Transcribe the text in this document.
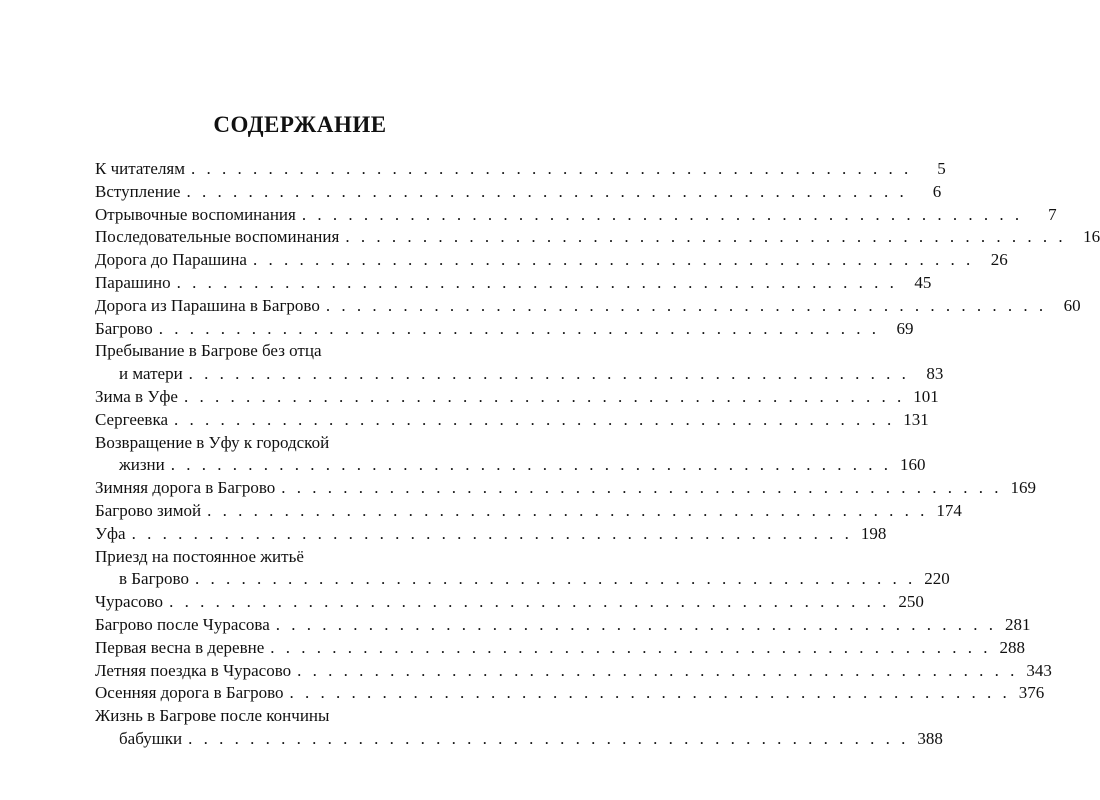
СОДЕРЖАНИЕ
К читателям . . . . . . . . . . . . . . . . . . . . . . . . . . . . . . . . . . . . . . . . . . . . . . .	5
Вступление . . . . . . . . . . . . . . . . . . . . . . . . . . . . . . . . . . . . . . . . . . . . . . .	6
Отрывочные воспоминания . . . . . . . . . . . . . . . . . . . . . . . . . . . . . . . . . . . . . . . . . . . . . . .	7
Последовательные воспоминания . . . . . . . . . . . . . . . . . . . . . . . . . . . . . . . . . . . . . . . . . . . . . . .	16
Дорога до Парашина . . . . . . . . . . . . . . . . . . . . . . . . . . . . . . . . . . . . . . . . . . . . . . .	26
Парашино . . . . . . . . . . . . . . . . . . . . . . . . . . . . . . . . . . . . . . . . . . . . . . .	45
Дорога из Парашина в Багрово . . . . . . . . . . . . . . . . . . . . . . . . . . . . . . . . . . . . . . . . . . . . . . .	60
Багрово . . . . . . . . . . . . . . . . . . . . . . . . . . . . . . . . . . . . . . . . . . . . . . .	69
Пребывание в Багрове без отца
и матери . . . . . . . . . . . . . . . . . . . . . . . . . . . . . . . . . . . . . . . . . . . . . . .	83
Зима в Уфе . . . . . . . . . . . . . . . . . . . . . . . . . . . . . . . . . . . . . . . . . . . . . . . 101
Сергеевка . . . . . . . . . . . . . . . . . . . . . . . . . . . . . . . . . . . . . . . . . . . . . . . 131
Возвращение в Уфу к городской
жизни . . . . . . . . . . . . . . . . . . . . . . . . . . . . . . . . . . . . . . . . . . . . . . . 160
Зимняя дорога в Багрово . . . . . . . . . . . . . . . . . . . . . . . . . . . . . . . . . . . . . . . . . . . . . . . 169
Багрово зимой . . . . . . . . . . . . . . . . . . . . . . . . . . . . . . . . . . . . . . . . . . . . . . . 174
Уфа . . . . . . . . . . . . . . . . . . . . . . . . . . . . . . . . . . . . . . . . . . . . . . . 198
Приезд на постоянное житьё
в Багрово . . . . . . . . . . . . . . . . . . . . . . . . . . . . . . . . . . . . . . . . . . . . . . . 220
Чурасово . . . . . . . . . . . . . . . . . . . . . . . . . . . . . . . . . . . . . . . . . . . . . . . 250
Багрово после Чурасова . . . . . . . . . . . . . . . . . . . . . . . . . . . . . . . . . . . . . . . . . . . . . . . 281
Первая весна в деревне . . . . . . . . . . . . . . . . . . . . . . . . . . . . . . . . . . . . . . . . . . . . . . . 288
Летняя поездка в Чурасово . . . . . . . . . . . . . . . . . . . . . . . . . . . . . . . . . . . . . . . . . . . . . . . 343
Осенняя дорога в Багрово . . . . . . . . . . . . . . . . . . . . . . . . . . . . . . . . . . . . . . . . . . . . . . . 376
Жизнь в Багрове после кончины
бабушки . . . . . . . . . . . . . . . . . . . . . . . . . . . . . . . . . . . . . . . . . . . . . . . 388
